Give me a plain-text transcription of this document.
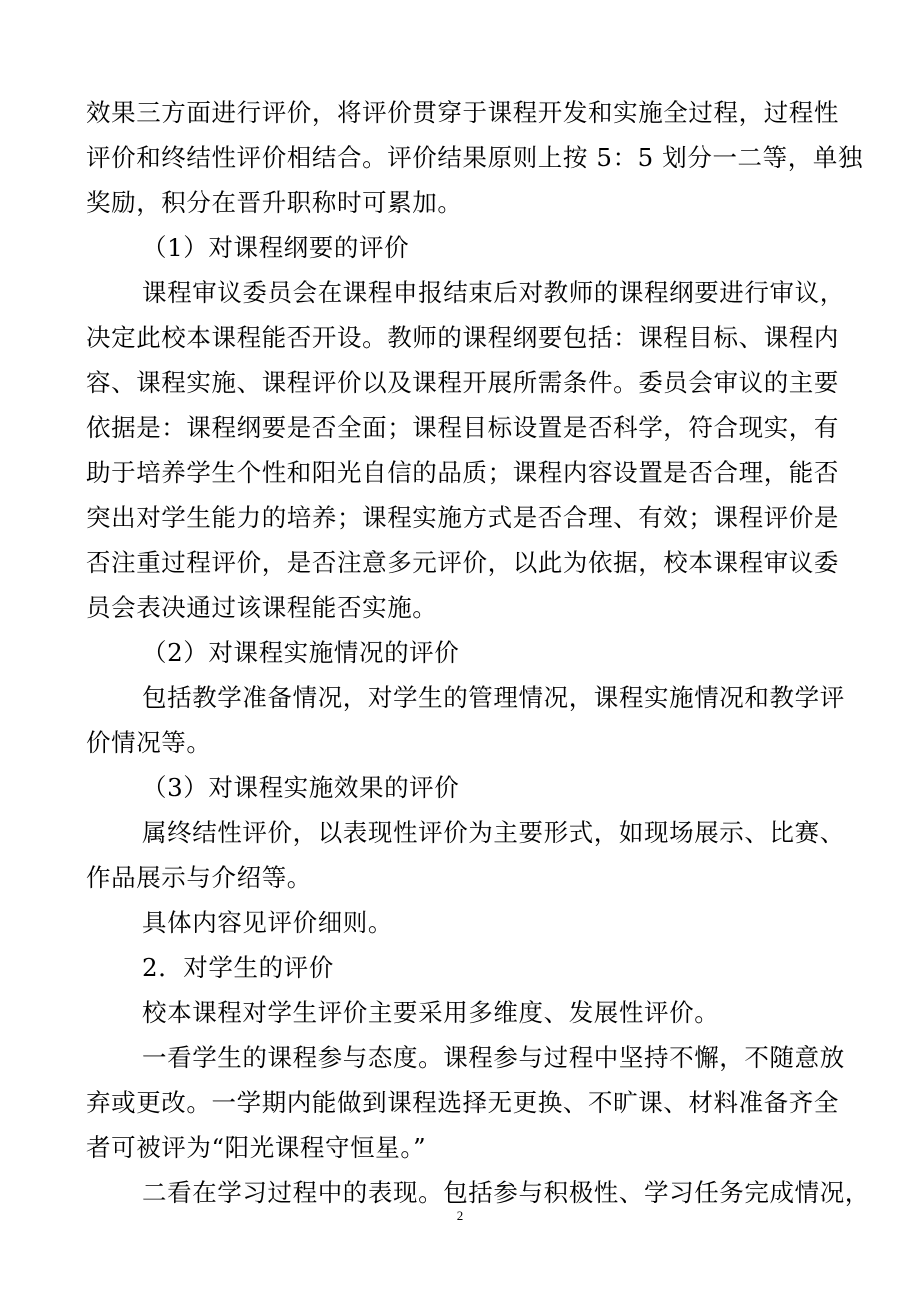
效果三方面进行评价，将评价贯穿于课程开发和实施全过程，过程性
评价和终结性评价相结合。评价结果原则上按 5：5 划分一二等，单独
奖励，积分在晋升职称时可累加。
（1）对课程纲要的评价
课程审议委员会在课程申报结束后对教师的课程纲要进行审议，
决定此校本课程能否开设。教师的课程纲要包括：课程目标、课程内
容、课程实施、课程评价以及课程开展所需条件。委员会审议的主要
依据是：课程纲要是否全面；课程目标设置是否科学，符合现实，有
助于培养学生个性和阳光自信的品质；课程内容设置是否合理，能否
突出对学生能力的培养；课程实施方式是否合理、有效；课程评价是
否注重过程评价，是否注意多元评价，以此为依据，校本课程审议委
员会表决通过该课程能否实施。
（2）对课程实施情况的评价
包括教学准备情况，对学生的管理情况，课程实施情况和教学评
价情况等。
（3）对课程实施效果的评价
属终结性评价，以表现性评价为主要形式，如现场展示、比赛、
作品展示与介绍等。
具体内容见评价细则。
2．对学生的评价
校本课程对学生评价主要采用多维度、发展性评价。
一看学生的课程参与态度。课程参与过程中坚持不懈，不随意放
弃或更改。一学期内能做到课程选择无更换、不旷课、材料准备齐全
者可被评为“阳光课程守恒星。”
二看在学习过程中的表现。包括参与积极性、学习任务完成情况，
2
